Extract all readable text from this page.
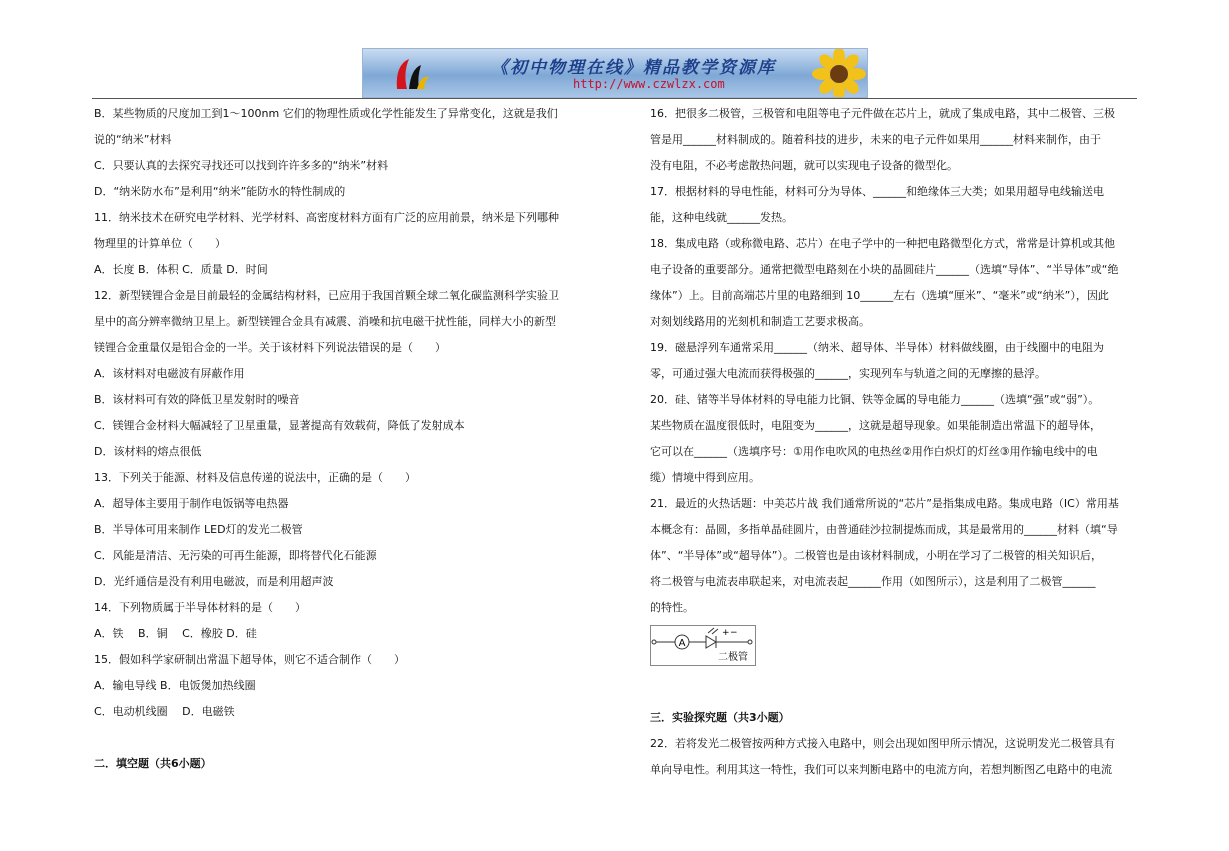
《初中物理在线》精品教学资源库
http://www.czwlzx.com
B．某些物质的尺度加工到1～100nm 它们的物理性质或化学性能发生了异常变化，这就是我们
说的“纳米”材料
C．只要认真的去探究寻找还可以找到许许多多的“纳米”材料
D．“纳米防水布”是利用“纳米”能防水的特性制成的
11．纳米技术在研究电学材料、光学材料、高密度材料方面有广泛的应用前景，纳米是下列哪种
物理里的计算单位（　　）
A．长度 B．体积 C．质量 D．时间
12．新型镁锂合金是目前最轻的金属结构材料，已应用于我国首颗全球二氧化碳监测科学实验卫
星中的高分辨率微纳卫星上。新型镁锂合金具有减震、消噪和抗电磁干扰性能，同样大小的新型
镁锂合金重量仅是铝合金的一半。关于该材料下列说法错误的是（　　）
A．该材料对电磁波有屏蔽作用
B．该材料可有效的降低卫星发射时的噪音
C．镁锂合金材料大幅减轻了卫星重量，显著提高有效载荷，降低了发射成本
D．该材料的熔点很低
13．下列关于能源、材料及信息传递的说法中，正确的是（　　）
A．超导体主要用于制作电饭锅等电热器
B．半导体可用来制作 LED灯的发光二极管
C．风能是清洁、无污染的可再生能源，即将替代化石能源
D．光纤通信是没有利用电磁波，而是利用超声波
14．下列物质属于半导体材料的是（　　）
A．铁　 B．铜　 C．橡胶 D．硅
15．假如科学家研制出常温下超导体，则它不适合制作（　　）
A．输电导线 B．电饭煲加热线圈
C．电动机线圈　 D．电磁铁
二．填空题（共6小题）
16．把很多二极管，三极管和电阻等电子元件做在芯片上，就成了集成电路，其中二极管、三极
管是用______材料制成的。随着科技的进步，未来的电子元件如果用______材料来制作，由于
没有电阻，不必考虑散热问题，就可以实现电子设备的微型化。
17．根据材料的导电性能，材料可分为导体、______和绝缘体三大类；如果用超导电线输送电
能，这种电线就______发热。
18．集成电路（或称微电路、芯片）在电子学中的一种把电路微型化方式，常常是计算机或其他
电子设备的重要部分。通常把微型电路刻在小块的晶圆硅片______（选填“导体”、“半导体”或“绝
缘体”）上。目前高端芯片里的电路细到 10______左右（选填“厘米”、“毫米”或“纳米”），因此
对刻划线路用的光刻机和制造工艺要求极高。
19．磁悬浮列车通常采用______（纳米、超导体、半导体）材料做线圈，由于线圈中的电阻为
零，可通过强大电流而获得极强的______，实现列车与轨道之间的无摩擦的悬浮。
20．硅、锗等半导体材料的导电能力比铜、铁等金属的导电能力______（选填“强”或“弱”）。
某些物质在温度很低时，电阻变为______，这就是超导现象。如果能制造出常温下的超导体，
它可以在______（选填序号：①用作电吹风的电热丝②用作白炽灯的灯丝③用作输电线中的电
缆）情境中得到应用。
21．最近的火热话题：中美芯片战 我们通常所说的“芯片”是指集成电路。集成电路（IC）常用基
本概念有：晶圆，多指单晶硅圆片，由普通硅沙拉制提炼而成，其是最常用的______材料（填“导
体”、“半导体”或“超导体”）。二极管也是由该材料制成，小明在学习了二极管的相关知识后，
将二极管与电流表串联起来，对电流表起______作用（如图所示），这是利用了二极管______
的特性。
A
+ −
二极管
三．实验探究题（共3小题）
22．若将发光二极管按两种方式接入电路中，则会出现如图甲所示情况，这说明发光二极管具有
单向导电性。利用其这一特性，我们可以来判断电路中的电流方向，若想判断图乙电路中的电流
